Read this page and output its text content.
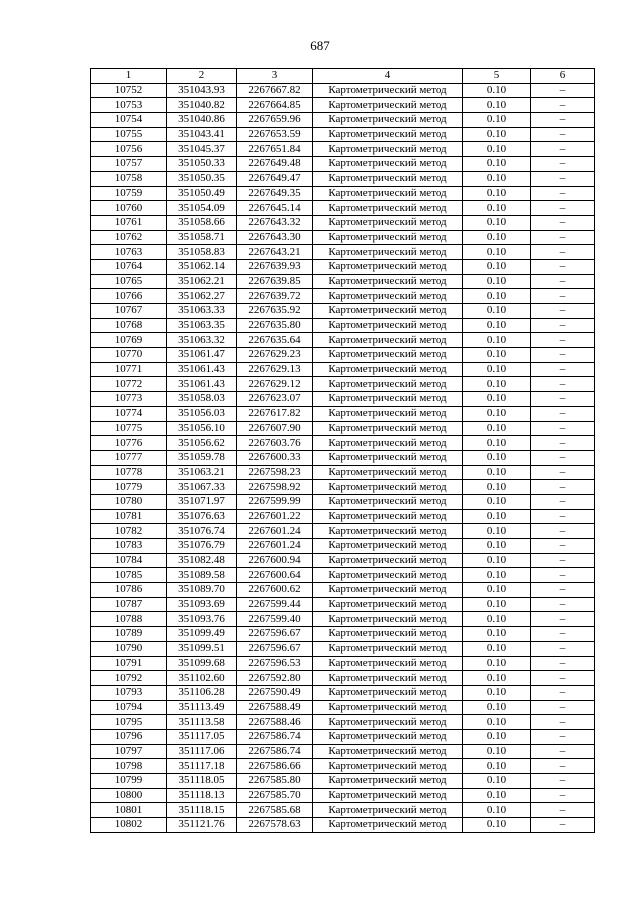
687
1	2	3	4	5	6
10752	351043.93	2267667.82	Картометрический метод	0.10	–
10753	351040.82	2267664.85	Картометрический метод	0.10	–
10754	351040.86	2267659.96	Картометрический метод	0.10	–
10755	351043.41	2267653.59	Картометрический метод	0.10	–
10756	351045.37	2267651.84	Картометрический метод	0.10	–
10757	351050.33	2267649.48	Картометрический метод	0.10	–
10758	351050.35	2267649.47	Картометрический метод	0.10	–
10759	351050.49	2267649.35	Картометрический метод	0.10	–
10760	351054.09	2267645.14	Картометрический метод	0.10	–
10761	351058.66	2267643.32	Картометрический метод	0.10	–
10762	351058.71	2267643.30	Картометрический метод	0.10	–
10763	351058.83	2267643.21	Картометрический метод	0.10	–
10764	351062.14	2267639.93	Картометрический метод	0.10	–
10765	351062.21	2267639.85	Картометрический метод	0.10	–
10766	351062.27	2267639.72	Картометрический метод	0.10	–
10767	351063.33	2267635.92	Картометрический метод	0.10	–
10768	351063.35	2267635.80	Картометрический метод	0.10	–
10769	351063.32	2267635.64	Картометрический метод	0.10	–
10770	351061.47	2267629.23	Картометрический метод	0.10	–
10771	351061.43	2267629.13	Картометрический метод	0.10	–
10772	351061.43	2267629.12	Картометрический метод	0.10	–
10773	351058.03	2267623.07	Картометрический метод	0.10	–
10774	351056.03	2267617.82	Картометрический метод	0.10	–
10775	351056.10	2267607.90	Картометрический метод	0.10	–
10776	351056.62	2267603.76	Картометрический метод	0.10	–
10777	351059.78	2267600.33	Картометрический метод	0.10	–
10778	351063.21	2267598.23	Картометрический метод	0.10	–
10779	351067.33	2267598.92	Картометрический метод	0.10	–
10780	351071.97	2267599.99	Картометрический метод	0.10	–
10781	351076.63	2267601.22	Картометрический метод	0.10	–
10782	351076.74	2267601.24	Картометрический метод	0.10	–
10783	351076.79	2267601.24	Картометрический метод	0.10	–
10784	351082.48	2267600.94	Картометрический метод	0.10	–
10785	351089.58	2267600.64	Картометрический метод	0.10	–
10786	351089.70	2267600.62	Картометрический метод	0.10	–
10787	351093.69	2267599.44	Картометрический метод	0.10	–
10788	351093.76	2267599.40	Картометрический метод	0.10	–
10789	351099.49	2267596.67	Картометрический метод	0.10	–
10790	351099.51	2267596.67	Картометрический метод	0.10	–
10791	351099.68	2267596.53	Картометрический метод	0.10	–
10792	351102.60	2267592.80	Картометрический метод	0.10	–
10793	351106.28	2267590.49	Картометрический метод	0.10	–
10794	351113.49	2267588.49	Картометрический метод	0.10	–
10795	351113.58	2267588.46	Картометрический метод	0.10	–
10796	351117.05	2267586.74	Картометрический метод	0.10	–
10797	351117.06	2267586.74	Картометрический метод	0.10	–
10798	351117.18	2267586.66	Картометрический метод	0.10	–
10799	351118.05	2267585.80	Картометрический метод	0.10	–
10800	351118.13	2267585.70	Картометрический метод	0.10	–
10801	351118.15	2267585.68	Картометрический метод	0.10	–
10802	351121.76	2267578.63	Картометрический метод	0.10	–
